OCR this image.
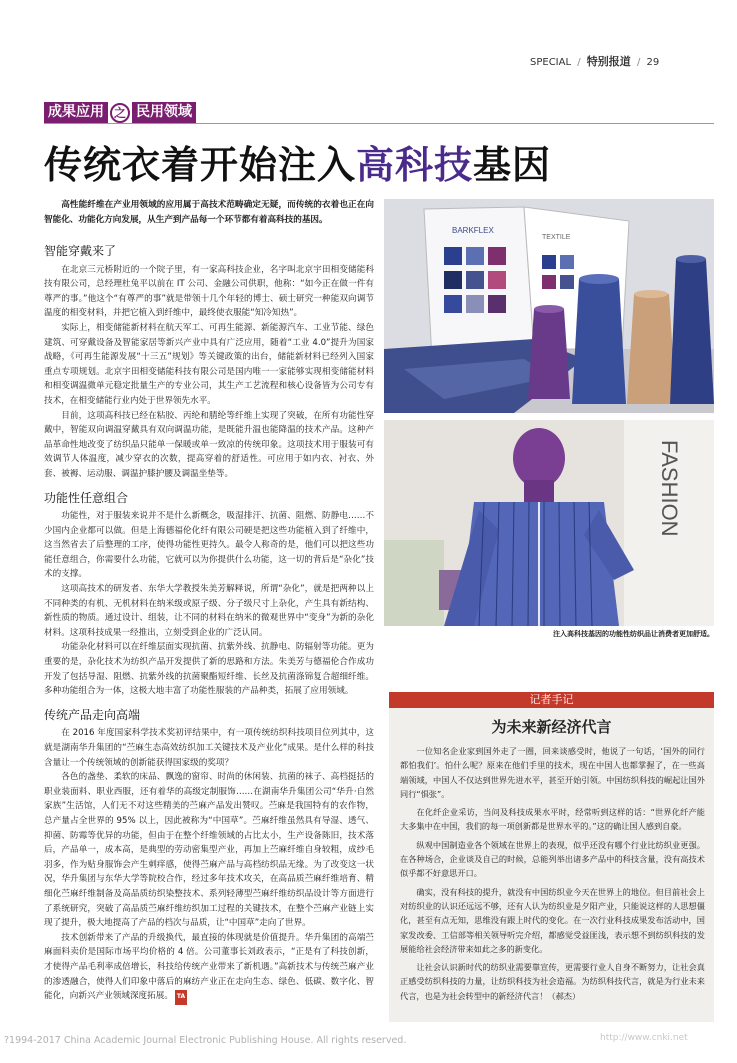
SPECIAL / 特别报道 / 29
成果应用 之 民用领域
传统衣着开始注入高科技基因
高性能纤维在产业用领域的应用属于高技术范畴确定无疑，而传统的衣着也正在向智能化、功能化方向发展，从生产到产品每一个环节都有着高科技的基因。
智能穿戴来了

在北京三元桥附近的一个院子里，有一家高科技企业，名字叫北京宇田相变储能科技有限公司，总经理杜兔平以前在 IT 公司、金融公司供职，他称：“如今正在做一件有尊严的事。”他这个“有尊严的事”就是带领十几个年轻的博士、硕士研究一种能双向调节温度的相变材料，并把它植入到纤维中，最终使衣服能“知冷知热”。

实际上，相变储能新材料在航天军工、可再生能源、新能源汽车、工业节能、绿色建筑、可穿戴设备及智能家居等新兴产业中具有广泛应用，随着“工业 4.0”提升为国家战略，《可再生能源发展“十三五”规划》等关键政策的出台，储能新材料已经列入国家重点专项规划。北京宇田相变储能科技有限公司是国内唯一一家能够实现相变储能材料和相变调温微单元稳定批量生产的专业公司，其生产工艺流程和核心设备皆为公司专有技术，在相变储能行业内处于世界领先水平。

目前，这项高科技已经在粘胶、丙纶和腈纶等纤维上实现了突破，在所有功能性穿戴中，智能双向调温穿戴具有双向调温功能，是既能升温也能降温的技术产品。这种产品革命性地改变了纺织品只能单一保暖或单一致凉的传统印象。这项技术用于服装可有效调节人体温度，减少穿衣的次数，提高穿着的舒适性。可应用于如内衣、衬衣、外套、被褥、运动服、调温护膝护腰及调温坐垫等。

功能性任意组合

功能性，对于服装来说并不是什么新概念，吸湿排汗、抗菌、阻燃、防静电……不少国内企业都可以做。但是上海德福伦化纤有限公司硬是把这些功能植入到了纤维中，这当然省去了后整理的工序，使得功能性更持久。最令人称奇的是，他们可以把这些功能任意组合，你需要什么功能，它就可以为你提供什么功能，这一切的背后是“杂化”技术的支撑。

这项高技术的研发者、东华大学教授朱美芳解释说，所谓“杂化”，就是把两种以上不同种类的有机、无机材料在纳米级或原子级、分子级尺寸上杂化，产生具有新结构、新性质的物质。通过设计、组装，让不同的材料在纳米的微观世界中“变身”为新的杂化材料。这项科技成果一经推出，立刻受到企业的广泛认同。

功能杂化材料可以在纤维层面实现抗菌、抗紫外线、抗静电、防辐射等功能。更为重要的是，杂化技术为纺织产品开发提供了新的思路和方法。朱美芳与德福伦合作成功开发了包括导湿、阻燃、抗紫外线的抗菌聚酯短纤维、长丝及抗菌涤锦复合超细纤维。多种功能组合为一体，这极大地丰富了功能性服装的产品种类，拓展了应用领域。

传统产品走向高端

在 2016 年度国家科学技术奖初评结果中，有一项传统纺织科技项目位列其中，这就是湖南华升集团的“苎麻生态高效纺织加工关键技术及产业化”成果。是什么样的科技含量让一个传统领域的创新能获得国家级的奖项？

各色的盏垫、柔软的床品、飘逸的窗帘、时尚的休闲装、抗菌的袜子、高档挺括的职业装面料、职业西服，还有着华的高级定制服饰……在湖南华升集团公司“华升·自然家族”生活馆，人们无不对这些精美的苎麻产品发出赞叹。苎麻是我国特有的农作物，总产量占全世界的 95% 以上，因此被称为“中国草”。苎麻纤维虽然具有导湿、透气、抑菌、防霉等优异的功能，但由于在整个纤维领域的占比太小，生产设备陈旧，技术落后，产品单一，成本高，是典型的劳动密集型产业，再加上苎麻纤维自身较粗，成纱毛羽多，作为贴身服饰会产生刺痒感，使得苎麻产品与高档纺织品无缘。为了改变这一状况，华升集团与东华大学等院校合作，经过多年技术攻关，在高品质苎麻纤维培育、精细化苎麻纤维制备及高品质纺织染整技术、系列轻薄型苎麻纤维纺织品设计等方面进行了系统研究，突破了高品质苎麻纤维纺织加工过程的关键技术，在整个苎麻产业链上实现了提升，极大地提高了产品的档次与品质，让“中国草”走向了世界。

技术创新带来了产品的升级换代，最直接的体现就是价值提升。华升集团的高端苎麻面料卖价是国际市场平均价格的 4 倍。公司董事长刘政表示，“正是有了科技创新，才使得产品毛利率成倍增长，科技给传统产业带来了新机遇。”高新技术与传统苎麻产业的渗透融合，使得人们印象中落后的麻纺产业正在走向生态、绿色、低碳、数字化、智能化，向新兴产业领域深度拓展。 TA

BARKFLEX
TEXTILE
FASHION
注入高科技基因的功能性纺织品让消费者更加舒适。
记者手记
为未来新经济代言

一位知名企业家到国外走了一圈，回来谈感受时，他说了一句话，‘国外的同行都怕我们’。怕什么呢？原来在他们手里的技术，现在中国人也都掌握了，在一些高端领域，中国人不仅达到世界先进水平，甚至开始引领。中国纺织科技的崛起让国外同行“惧张”。

在化纤企业采访，当问及科技成果水平时，经常听到这样的话：“世界化纤产能大多集中在中国，我们的每一项创新都是世界水平的。”这的确让国人感到自豪。

纵观中国制造业各个领域在世界上的表现，似乎还没有哪个行业比纺织业更强。在各种场合，企业谈及自己的时候，总能列举出诸多产品中的科技含量，没有高技术似乎都不好意思开口。

确实，没有科技的提升，就没有中国纺织业今天在世界上的地位。但目前社会上对纺织业的认识还远远不够，还有人认为纺织业是夕阳产业，只能说这样的人思想僵化，甚至有点无知，思维没有跟上时代的变化。在一次行业科技成果发布活动中，国家发改委、工信部等相关领导听完介绍，都感觉受益匪浅，表示想不到纺织科技的发展能给社会经济带来如此之多的新变化。

让社会认识新时代的纺织业需要靠宣传，更需要行业人自身不断努力，让社会真正感受纺织科技的力量，让纺织科技为社会造福。为纺织科技代言，就是为行业未来代言，也是为社会转型中的新经济代言！（郝杰）

?1994-2017 China Academic Journal Electronic Publishing House. All rights reserved.	http://www.cnki.net
